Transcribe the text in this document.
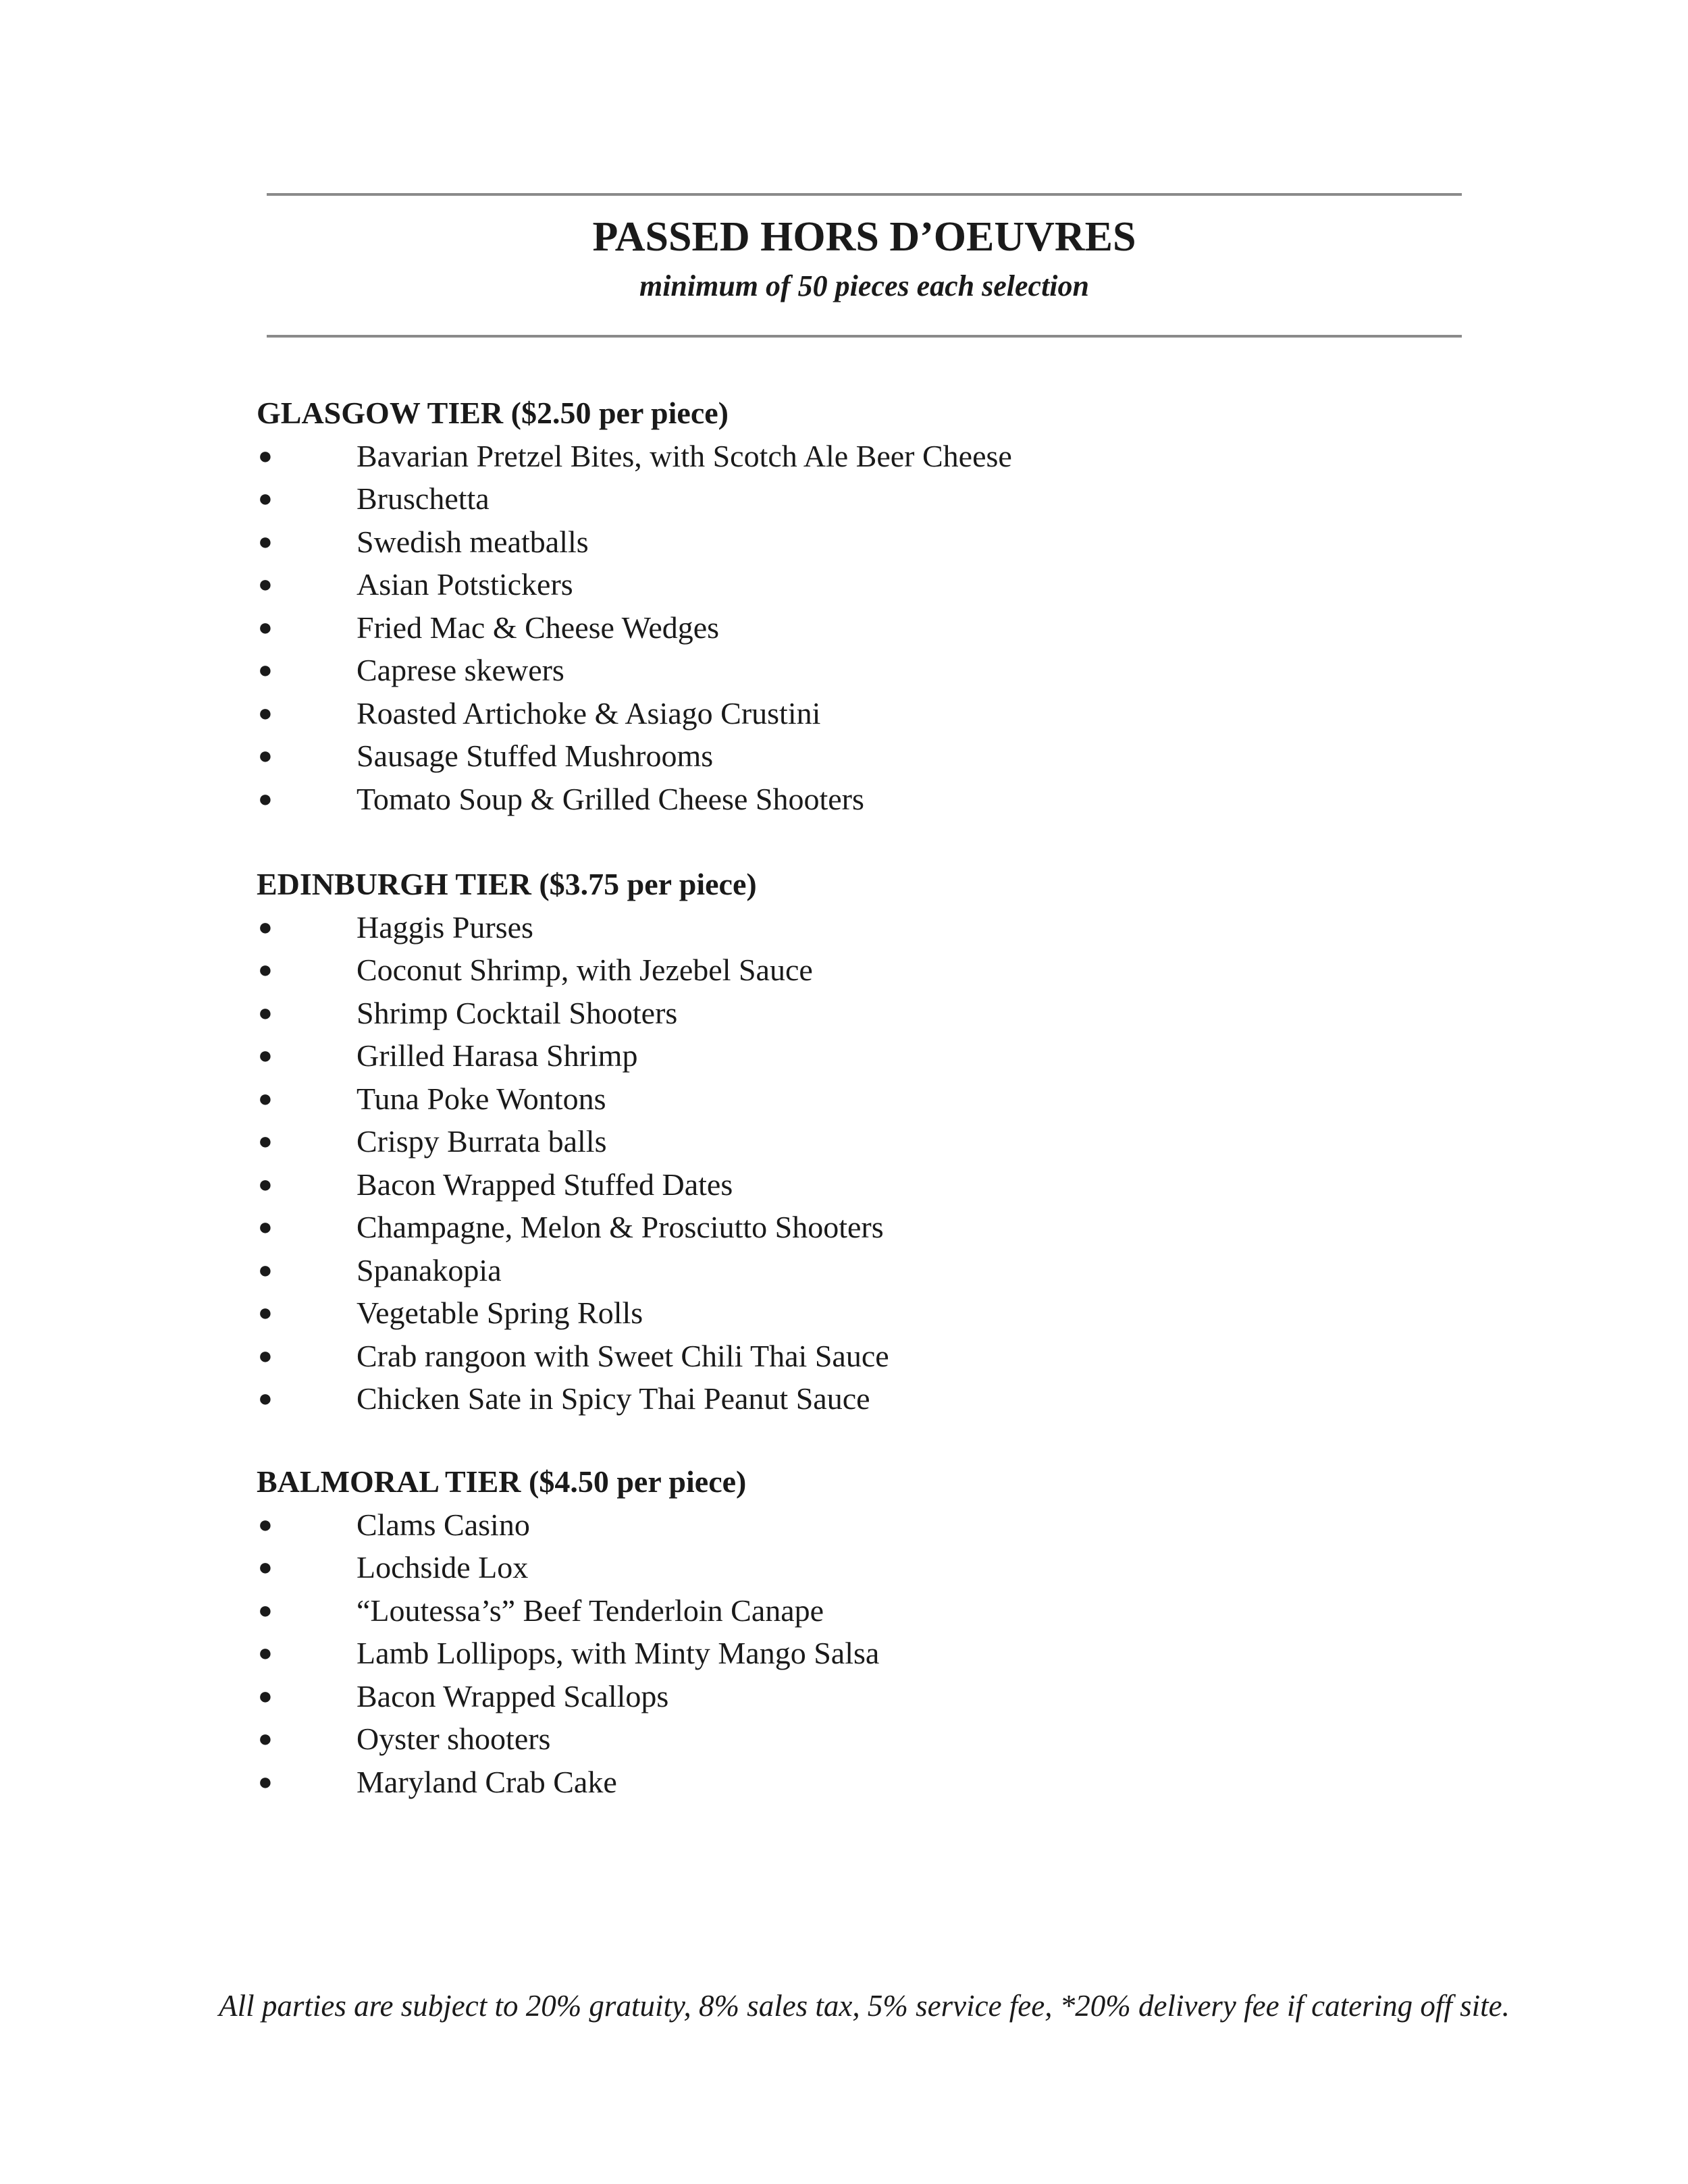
PASSED HORS D’OEUVRES
minimum of 50 pieces each selection
GLASGOW TIER ($2.50 per piece)
●	Bavarian Pretzel Bites, with Scotch Ale Beer Cheese
●	Bruschetta
●	Swedish meatballs
●	Asian Potstickers
●	Fried Mac & Cheese Wedges
●	Caprese skewers
●	Roasted Artichoke & Asiago Crustini
●	Sausage Stuffed Mushrooms
●	Tomato Soup & Grilled Cheese Shooters
EDINBURGH TIER ($3.75 per piece)
●	Haggis Purses
●	Coconut Shrimp, with Jezebel Sauce
●	Shrimp Cocktail Shooters
●	Grilled Harasa Shrimp
●	Tuna Poke Wontons
●	Crispy Burrata balls
●	Bacon Wrapped Stuffed Dates
●	Champagne, Melon & Prosciutto Shooters
●	Spanakopia
●	Vegetable Spring Rolls
●	Crab rangoon with Sweet Chili Thai Sauce
●	Chicken Sate in Spicy Thai Peanut Sauce
BALMORAL TIER ($4.50 per piece)
●	Clams Casino
●	Lochside Lox
●	“Loutessa’s” Beef Tenderloin Canape
●	Lamb Lollipops, with Minty Mango Salsa
●	Bacon Wrapped Scallops
●	Oyster shooters
●	Maryland Crab Cake
All parties are subject to 20% gratuity, 8% sales tax, 5% service fee, *20% delivery fee if catering off site.
